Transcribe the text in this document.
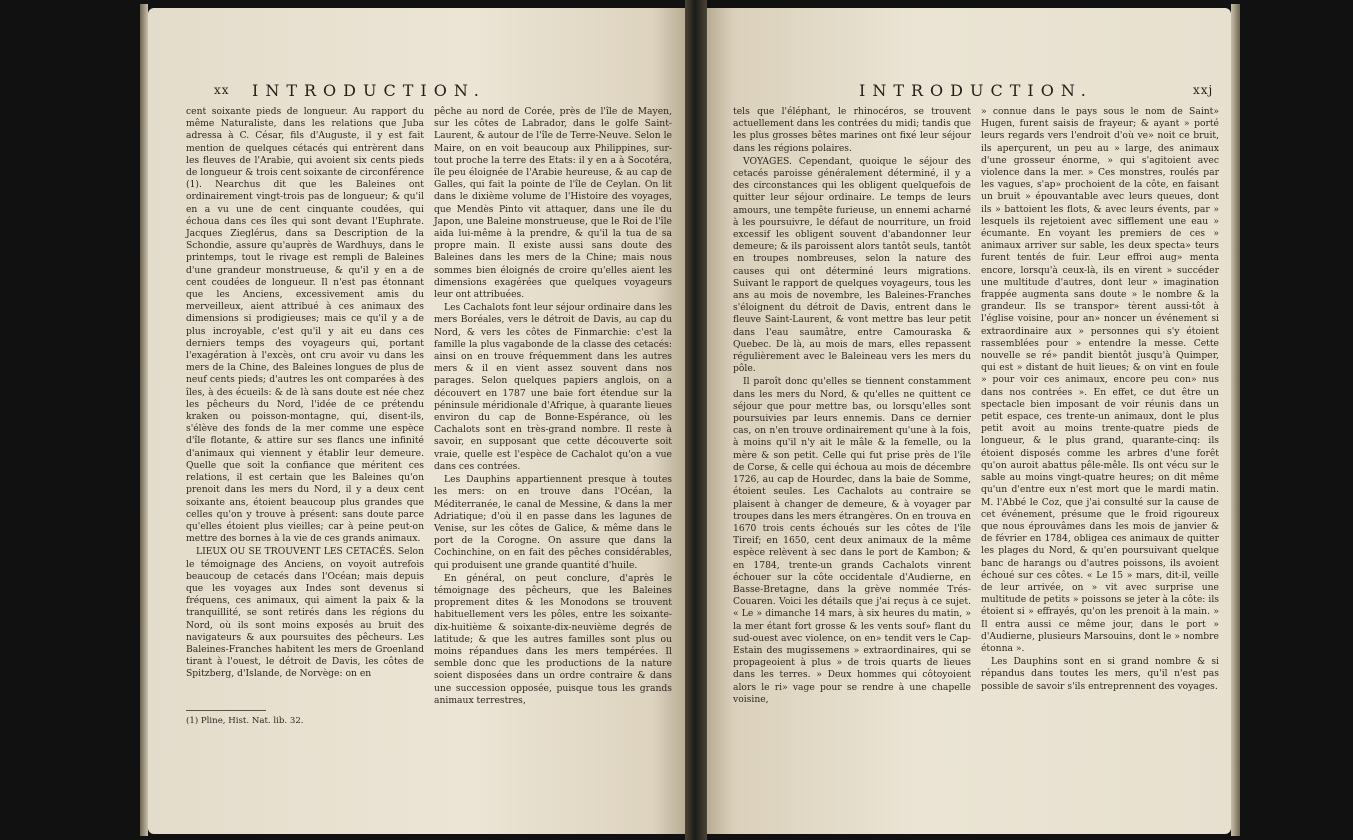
xx INTRODUCTION.

cent soixante pieds de longueur. Au rapport du même Naturaliste, dans les relations que Juba adressa à C. César, fils d'Auguste, il y est fait mention de quelques cétacés qui entrèrent dans les fleuves de l'Arabie, qui avoient six cents pieds de longueur & trois cent soixante de circonférence (1). Nearchus dit que les Baleines ont ordinairement vingt-trois pas de longueur; & qu'il en a vu une de cent cinquante coudées, qui échoua dans ces îles qui sont devant l'Euphrate. Jacques Zieglérus, dans sa Description de la Schondie, assure qu'auprès de Wardhuys, dans le printemps, tout le rivage est rempli de Baleines d'une grandeur monstrueuse, & qu'il y en a de cent coudées de longueur. Il n'est pas étonnant que les Anciens, excessivement amis du merveilleux, aient attribué à ces animaux des dimensions si prodigieuses; mais ce qu'il y a de plus incroyable, c'est qu'il y ait eu dans ces derniers temps des voyageurs qui, portant l'exagération à l'excès, ont cru avoir vu dans les mers de la Chine, des Baleines longues de plus de neuf cents pieds; d'autres les ont comparées à des îles, à des écueils: & de là sans doute est née chez les pêcheurs du Nord, l'idée de ce prétendu kraken ou poisson-montagne, qui, disent-ils, s'élève des fonds de la mer comme une espèce d'île flotante, & attire sur ses flancs une infinité d'animaux qui viennent y établir leur demeure. Quelle que soit la confiance que méritent ces relations, il est certain que les Baleines qu'on prenoit dans les mers du Nord, il y a deux cent soixante ans, étoient beaucoup plus grandes que celles qu'on y trouve à présent: sans doute parce qu'elles étoient plus vieilles; car à peine peut-on mettre des bornes à la vie de ces grands animaux.

LIEUX OU SE TROUVENT LES CETACÉS. Selon le témoignage des Anciens, on voyoit autrefois beaucoup de cetacés dans l'Océan; mais depuis que les voyages aux Indes sont devenus si fréquens, ces animaux, qui aiment la paix & la tranquillité, se sont retirés dans les régions du Nord, où ils sont moins exposés au bruit des navigateurs & aux poursuites des pêcheurs. Les Baleines-Franches habitent les mers de Groenland tirant à l'ouest, le détroit de Davis, les côtes de Spitzberg, d'Islande, de Norvège: on en

pêche au nord de Corée, près de l'île de Mayen, sur les côtes de Labrador, dans le golfe Saint-Laurent, & autour de l'île de Terre-Neuve. Selon le Maire, on en voit beaucoup aux Philippines, sur-tout proche la terre des Etats: il y en a à Socotéra, île peu éloignée de l'Arabie heureuse, & au cap de Galles, qui fait la pointe de l'île de Ceylan. On lit dans le dixième volume de l'Histoire des voyages, que Mendès Pinto vit attaquer, dans une île du Japon, une Baleine monstrueuse, que le Roi de l'île aida lui-même à la prendre, & qu'il la tua de sa propre main. Il existe aussi sans doute des Baleines dans les mers de la Chine; mais nous sommes bien éloignés de croire qu'elles aient les dimensions exagérées que quelques voyageurs leur ont attribuées.

Les Cachalots font leur séjour ordinaire dans les mers Boréales, vers le détroit de Davis, au cap du Nord, & vers les côtes de Finmarchie: c'est la famille la plus vagabonde de la classe des cetacés: ainsi on en trouve fréquemment dans les autres mers & il en vient assez souvent dans nos parages. Selon quelques papiers anglois, on a découvert en 1787 une baie fort étendue sur la péninsule méridionale d'Afrique, à quarante lieues environ du cap de Bonne-Espérance, où les Cachalots sont en très-grand nombre. Il reste à savoir, en supposant que cette découverte soit vraie, quelle est l'espèce de Cachalot qu'on a vue dans ces contrées.

Les Dauphins appartiennent presque à toutes les mers: on en trouve dans l'Océan, la Méditerranée, le canal de Messine, & dans la mer Adriatique; d'où il en passe dans les lagunes de Venise, sur les côtes de Galice, & même dans le port de la Corogne. On assure que dans la Cochinchine, on en fait des pêches considérables, qui produisent une grande quantité d'huile.

En général, on peut conclure, d'après le témoignage des pêcheurs, que les Baleines proprement dites & les Monodons se trouvent habituellement vers les pôles, entre les soixante-dix-huitième & soixante-dix-neuvième degrés de latitude; & que les autres familles sont plus ou moins répandues dans les mers tempérées. Il semble donc que les productions de la nature soient disposées dans un ordre contraire & dans une succession opposée, puisque tous les grands animaux terrestres,

(1) Pline, Hist. Nat. lib. 32.
INTRODUCTION.	xxj

tels que l'éléphant, le rhinocéros, se trouvent actuellement dans les contrées du midi; tandis que les plus grosses bêtes marines ont fixé leur séjour dans les régions polaires.

VOYAGES. Cependant, quoique le séjour des cetacés paroisse généralement déterminé, il y a des circonstances qui les obligent quelquefois de quitter leur séjour ordinaire. Le temps de leurs amours, une tempête furieuse, un ennemi acharné à les poursuivre, le défaut de nourriture, un froid excessif les obligent souvent d'abandonner leur demeure; & ils paroissent alors tantôt seuls, tantôt en troupes nombreuses, selon la nature des causes qui ont déterminé leurs migrations. Suivant le rapport de quelques voyageurs, tous les ans au mois de novembre, les Baleines-Franches s'éloignent du détroit de Davis, entrent dans le fleuve Saint-Laurent, & vont mettre bas leur petit dans l'eau saumâtre, entre Camouraska & Quebec. De là, au mois de mars, elles repassent régulièrement avec le Baleineau vers les mers du pôle.

Il paroît donc qu'elles se tiennent constamment dans les mers du Nord, & qu'elles ne quittent ce séjour que pour mettre bas, ou lorsqu'elles sont poursuivies par leurs ennemis. Dans ce dernier cas, on n'en trouve ordinairement qu'une à la fois, à moins qu'il n'y ait le mâle & la femelle, ou la mère & son petit. Celle qui fut prise près de l'île de Corse, & celle qui échoua au mois de décembre 1726, au cap de Hourdec, dans la baie de Somme, étoient seules. Les Cachalots au contraire se plaisent à changer de demeure, & à voyager par troupes dans les mers étrangères. On en trouva en 1670 trois cents échoués sur les côtes de l'île Tireif; en 1650, cent deux animaux de la même espèce relèvent à sec dans le port de Kambon; & en 1784, trente-un grands Cachalots vinrent échouer sur la côte occidentale d'Audierne, en Basse-Bretagne, dans la grève nommée Trés-Couaren. Voici les détails que j'ai reçus à ce sujet. « Le » dimanche 14 mars, à six heures du matin, » la mer étant fort grosse & les vents souf» flant du sud-ouest avec violence, on en» tendit vers le Cap-Estain des mugissemens » extraordinaires, qui se propageoient à plus » de trois quarts de lieues dans les terres. » Deux hommes qui côtoyoient alors le ri» vage pour se rendre à une chapelle voisine,

» connue dans le pays sous le nom de Saint» Hugen, furent saisis de frayeur; & ayant » porté leurs regards vers l'endroit d'où ve» noit ce bruit, ils aperçurent, un peu au » large, des animaux d'une grosseur énorme, » qui s'agitoient avec violence dans la mer. » Ces monstres, roulés par les vagues, s'ap» prochoient de la côte, en faisant un bruit » épouvantable avec leurs queues, dont ils » battoient les flots, & avec leurs évents, par » lesquels ils rejetoient avec sifflement une eau » écumante. En voyant les premiers de ces » animaux arriver sur sable, les deux specta» teurs furent tentés de fuir. Leur effroi aug» menta encore, lorsqu'à ceux-là, ils en virent » succéder une multitude d'autres, dont leur » imagination frappée augmenta sans doute » le nombre & la grandeur. Ils se transpor» tèrent aussi-tôt à l'église voisine, pour an» noncer un événement si extraordinaire aux » personnes qui s'y étoient rassemblées pour » entendre la messe. Cette nouvelle se ré» pandit bientôt jusqu'à Quimper, qui est » distant de huit lieues; & on vint en foule » pour voir ces animaux, encore peu con» nus dans nos contrées ». En effet, ce dut être un spectacle bien imposant de voir réunis dans un petit espace, ces trente-un animaux, dont le plus petit avoit au moins trente-quatre pieds de longueur, & le plus grand, quarante-cinq: ils étoient disposés comme les arbres d'une forêt qu'on auroit abattus pêle-mêle. Ils ont vécu sur le sable au moins vingt-quatre heures; on dit même qu'un d'entre eux n'est mort que le mardi matin. M. l'Abbé le Coz, que j'ai consulté sur la cause de cet événement, présume que le froid rigoureux que nous éprouvâmes dans les mois de janvier & de février en 1784, obligea ces animaux de quitter les plages du Nord, & qu'en poursuivant quelque banc de harangs ou d'autres poissons, ils avoient échoué sur ces côtes. « Le 15 » mars, dit-il, veille de leur arrivée, on » vit avec surprise une multitude de petits » poissons se jeter à la côte: ils étoient si » effrayés, qu'on les prenoit à la main. » Il entra aussi ce même jour, dans le port » d'Audierne, plusieurs Marsouins, dont le » nombre étonna ».

Les Dauphins sont en si grand nombre & si répandus dans toutes les mers, qu'il n'est pas possible de savoir s'ils entreprennent des voyages.
